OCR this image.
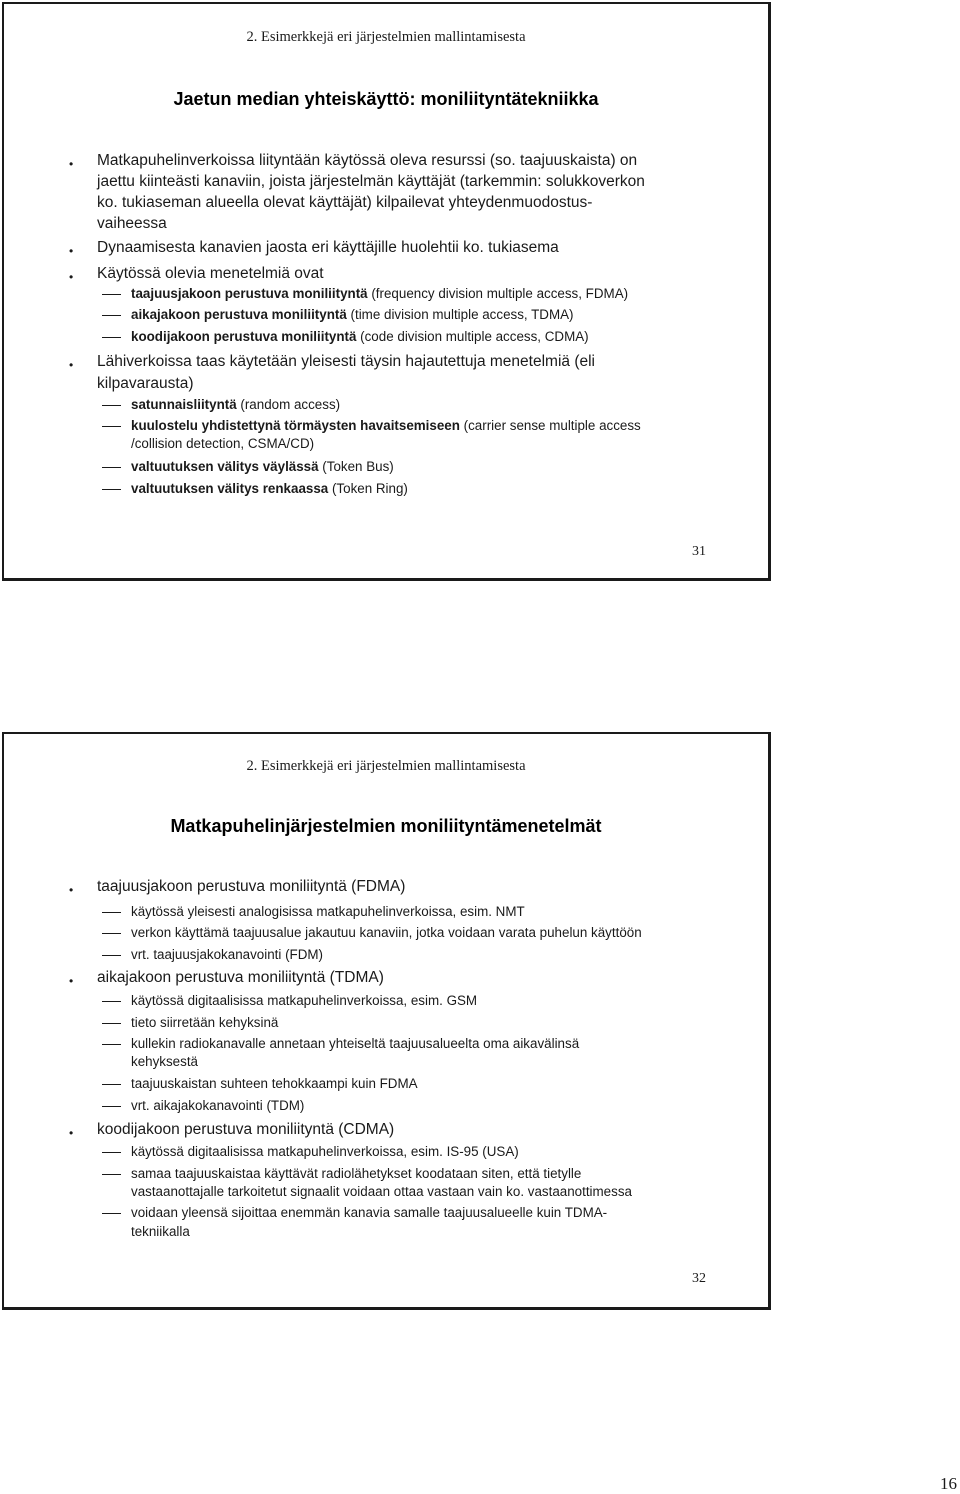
2. Esimerkkejä eri järjestelmien mallintamisesta
Jaetun median yhteiskäyttö: moniliityntätekniikka
• Matkapuhelinverkoissa liityntään käytössä oleva resurssi (so. taajuuskaista) on
jaettu kiinteästi kanaviin, joista järjestelmän käyttäjät (tarkemmin: solukkoverkon
ko. tukiaseman alueella olevat käyttäjät) kilpailevat yhteydenmuodostus-
vaiheessa
• Dynaamisesta kanavien jaosta eri käyttäjille huolehtii ko. tukiasema
• Käytössä olevia menetelmiä ovat
taajuusjakoon perustuva moniliityntä (frequency division multiple access, FDMA)
aikajakoon perustuva moniliityntä (time division multiple access, TDMA)
koodijakoon perustuva moniliityntä (code division multiple access, CDMA)
• Lähiverkoissa taas käytetään yleisesti täysin hajautettuja menetelmiä (eli
kilpavarausta)
satunnaisliityntä (random access)
kuulostelu yhdistettynä törmäysten havaitsemiseen (carrier sense multiple access
/collision detection, CSMA/CD)
valtuutuksen välitys väylässä (Token Bus)
valtuutuksen välitys renkaassa (Token Ring)
31
2. Esimerkkejä eri järjestelmien mallintamisesta
Matkapuhelinjärjestelmien moniliityntämenetelmät
• taajuusjakoon perustuva moniliityntä (FDMA)
käytössä yleisesti analogisissa matkapuhelinverkoissa, esim. NMT
verkon käyttämä taajuusalue jakautuu kanaviin, jotka voidaan varata puhelun käyttöön
vrt. taajuusjakokanavointi (FDM)
• aikajakoon perustuva moniliityntä (TDMA)
käytössä digitaalisissa matkapuhelinverkoissa, esim. GSM
tieto siirretään kehyksinä
kullekin radiokanavalle annetaan yhteiseltä taajuusalueelta oma aikavälinsä
kehyksestä
taajuuskaistan suhteen tehokkaampi kuin FDMA
vrt. aikajakokanavointi (TDM)
• koodijakoon perustuva moniliityntä (CDMA)
käytössä digitaalisissa matkapuhelinverkoissa, esim. IS-95 (USA)
samaa taajuuskaistaa käyttävät radiolähetykset koodataan siten, että tietylle
vastaanottajalle tarkoitetut signaalit voidaan ottaa vastaan vain ko. vastaanottimessa
voidaan yleensä sijoittaa enemmän kanavia samalle taajuusalueelle kuin TDMA-
tekniikalla
32
16
